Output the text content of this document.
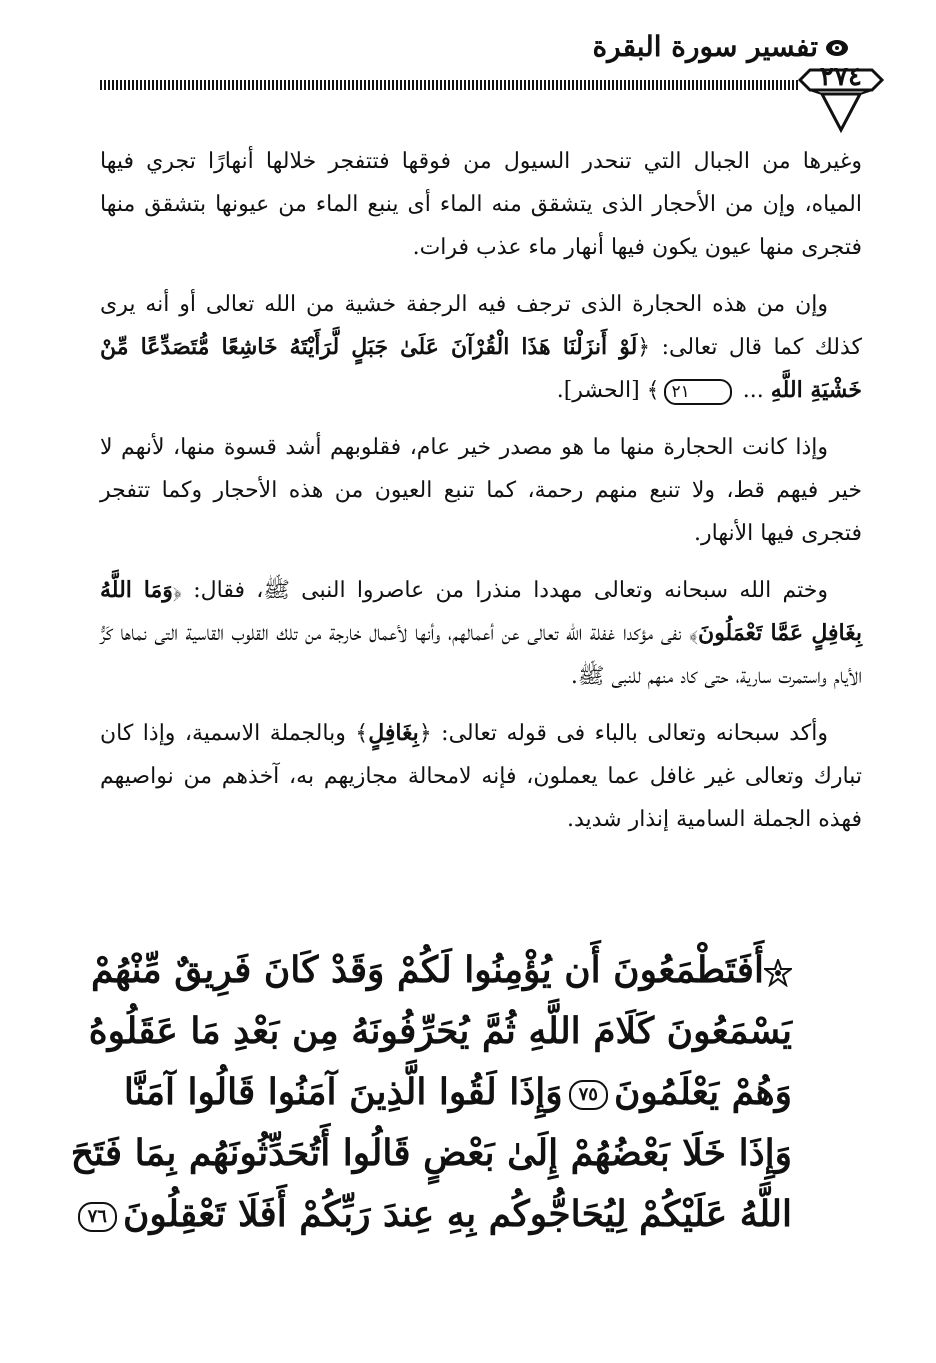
تفسير سورة البقرة
٢٧٤

وغيرها من الجبال التي تنحدر السيول من فوقها فتتفجر خلالها أنهارًا تجري فيها المياه، وإن من الأحجار الذى يتشقق منه الماء أى ينبع الماء من عيونها بتشقق منها فتجرى منها عيون يكون فيها أنهار ماء عذب فرات.

وإن من هذه الحجارة الذى ترجف فيه الرجفة خشية من الله تعالى أو أنه يرى كذلك كما قال تعالى: ﴿لَوْ أَنزَلْنَا هَذَا الْقُرْآنَ عَلَىٰ جَبَلٍ لَّرَأَيْتَهُ خَاشِعًا مُّتَصَدِّعًا مِّنْ خَشْيَةِ اللَّهِ ... ٢١﴾ [الحشر].

وإذا كانت الحجارة منها ما هو مصدر خير عام، فقلوبهم أشد قسوة منها، لأنهم لا خير فيهم قط، ولا تنبع منهم رحمة، كما تنبع العيون من هذه الأحجار وكما تتفجر فتجرى فيها الأنهار.

وختم الله سبحانه وتعالى مهددا منذرا من عاصروا النبى ﷺ، فقال: ﴿وَمَا اللَّهُ بِغَافِلٍ عَمَّا تَعْمَلُونَ﴾ نفى مؤكدا غفلة الله تعالى عن أعمالهم، وأنها لأعمال خارجة من تلك القلوب القاسية التى نماها كَرُّ الأيام واستمرت سارية، حتى كاد منهم للنبى ﷺ.

وأكد سبحانه وتعالى بالباء فى قوله تعالى: ﴿بِغَافِلٍ﴾ وبالجملة الاسمية، وإذا كان تبارك وتعالى غير غافل عما يعملون، فإنه لامحالة مجازيهم به، آخذهم من نواصيهم فهذه الجملة السامية إنذار شديد.

أَفَتَطْمَعُونَ أَن يُؤْمِنُوا لَكُمْ وَقَدْ كَانَ فَرِيقٌ مِّنْهُمْ
يَسْمَعُونَ كَلَامَ اللَّهِ ثُمَّ يُحَرِّفُونَهُ مِن بَعْدِ مَا عَقَلُوهُ
وَهُمْ يَعْلَمُونَ٧٥وَإِذَا لَقُوا الَّذِينَ آمَنُوا قَالُوا آمَنَّا
وَإِذَا خَلَا بَعْضُهُمْ إِلَىٰ بَعْضٍ قَالُوا أَتُحَدِّثُونَهُم بِمَا فَتَحَ
اللَّهُ عَلَيْكُمْ لِيُحَاجُّوكُم بِهِ عِندَ رَبِّكُمْ أَفَلَا تَعْقِلُونَ٧٦
